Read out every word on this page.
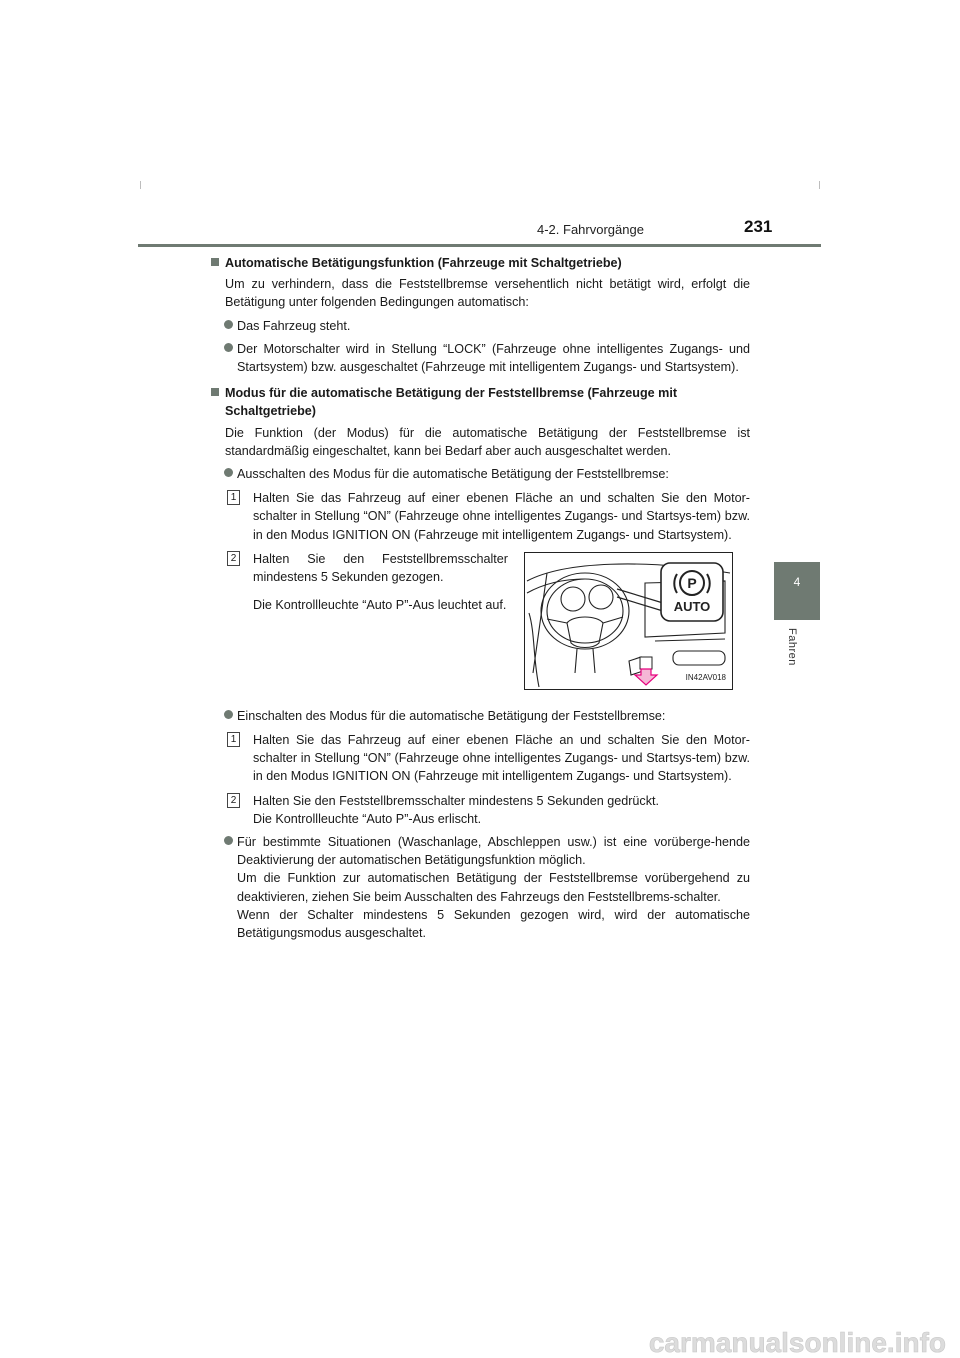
4-2. Fahrvorgänge	231
4
Fahren
Automatische Betätigungsfunktion (Fahrzeuge mit Schaltgetriebe)
Um zu verhindern, dass die Feststellbremse versehentlich nicht betätigt wird, erfolgt die Betätigung unter folgenden Bedingungen automatisch:
Das Fahrzeug steht.
Der Motorschalter wird in Stellung “LOCK” (Fahrzeuge ohne intelligentes Zugangs- und Startsystem) bzw. ausgeschaltet (Fahrzeuge mit intelligentem Zugangs- und Startsystem).
Modus für die automatische Betätigung der Feststellbremse (Fahrzeuge mit Schaltgetriebe)
Die Funktion (der Modus) für die automatische Betätigung der Feststellbremse ist standardmäßig eingeschaltet, kann bei Bedarf aber auch ausgeschaltet werden.
Ausschalten des Modus für die automatische Betätigung der Feststellbremse:
1 Halten Sie das Fahrzeug auf einer ebenen Fläche an und schalten Sie den Motor-schalter in Stellung “ON” (Fahrzeuge ohne intelligentes Zugangs- und Startsys-tem) bzw. in den Modus IGNITION ON (Fahrzeuge mit intelligentem Zugangs- und Startsystem).
2 Halten Sie den Feststellbremsschalter mindestens 5 Sekunden gezogen.
Die Kontrollleuchte “Auto P”-Aus leuchtet auf.
P
AUTO
IN42AV018
Einschalten des Modus für die automatische Betätigung der Feststellbremse:
1 Halten Sie das Fahrzeug auf einer ebenen Fläche an und schalten Sie den Motor-schalter in Stellung “ON” (Fahrzeuge ohne intelligentes Zugangs- und Startsys-tem) bzw. in den Modus IGNITION ON (Fahrzeuge mit intelligentem Zugangs- und Startsystem).
2 Halten Sie den Feststellbremsschalter mindestens 5 Sekunden gedrückt.
Die Kontrollleuchte “Auto P”-Aus erlischt.
Für bestimmte Situationen (Waschanlage, Abschleppen usw.) ist eine vorüberge-hende Deaktivierung der automatischen Betätigungsfunktion möglich.
Um die Funktion zur automatischen Betätigung der Feststellbremse vorübergehend zu deaktivieren, ziehen Sie beim Ausschalten des Fahrzeugs den Feststellbrems-schalter.
Wenn der Schalter mindestens 5 Sekunden gezogen wird, wird der automatische Betätigungsmodus ausgeschaltet.
carmanualsonline.info
